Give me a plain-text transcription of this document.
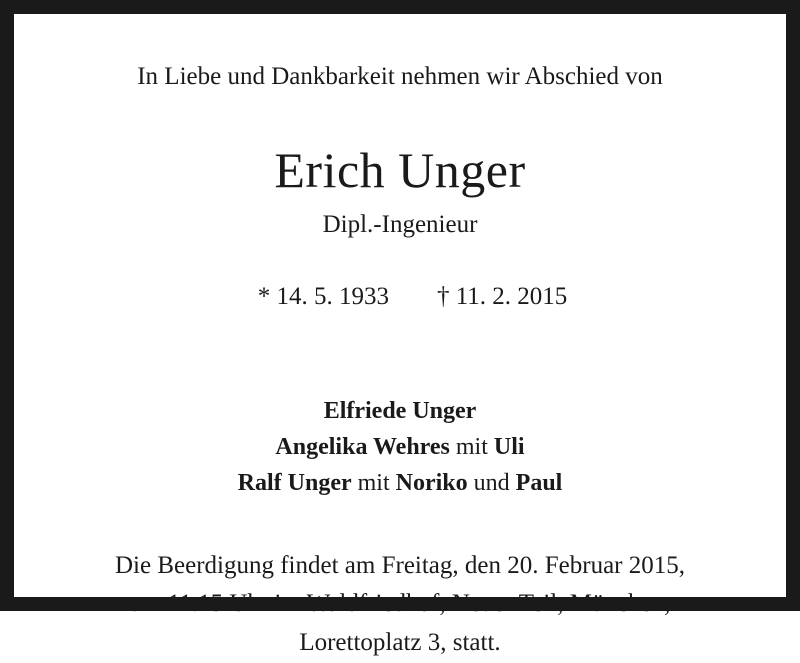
In Liebe und Dankbarkeit nehmen wir Abschied von
Erich Unger
Dipl.-Ingenieur

* 14. 5. 1933 † 11. 2. 2015

Elfriede Unger
Angelika Wehres mit Uli
Ralf Unger mit Noriko und Paul
Die Beerdigung findet am Freitag, den 20. Februar 2015,
um 11.15 Uhr im Waldfriedhof, Neuer Teil, München,
Lorettoplatz 3, statt.
